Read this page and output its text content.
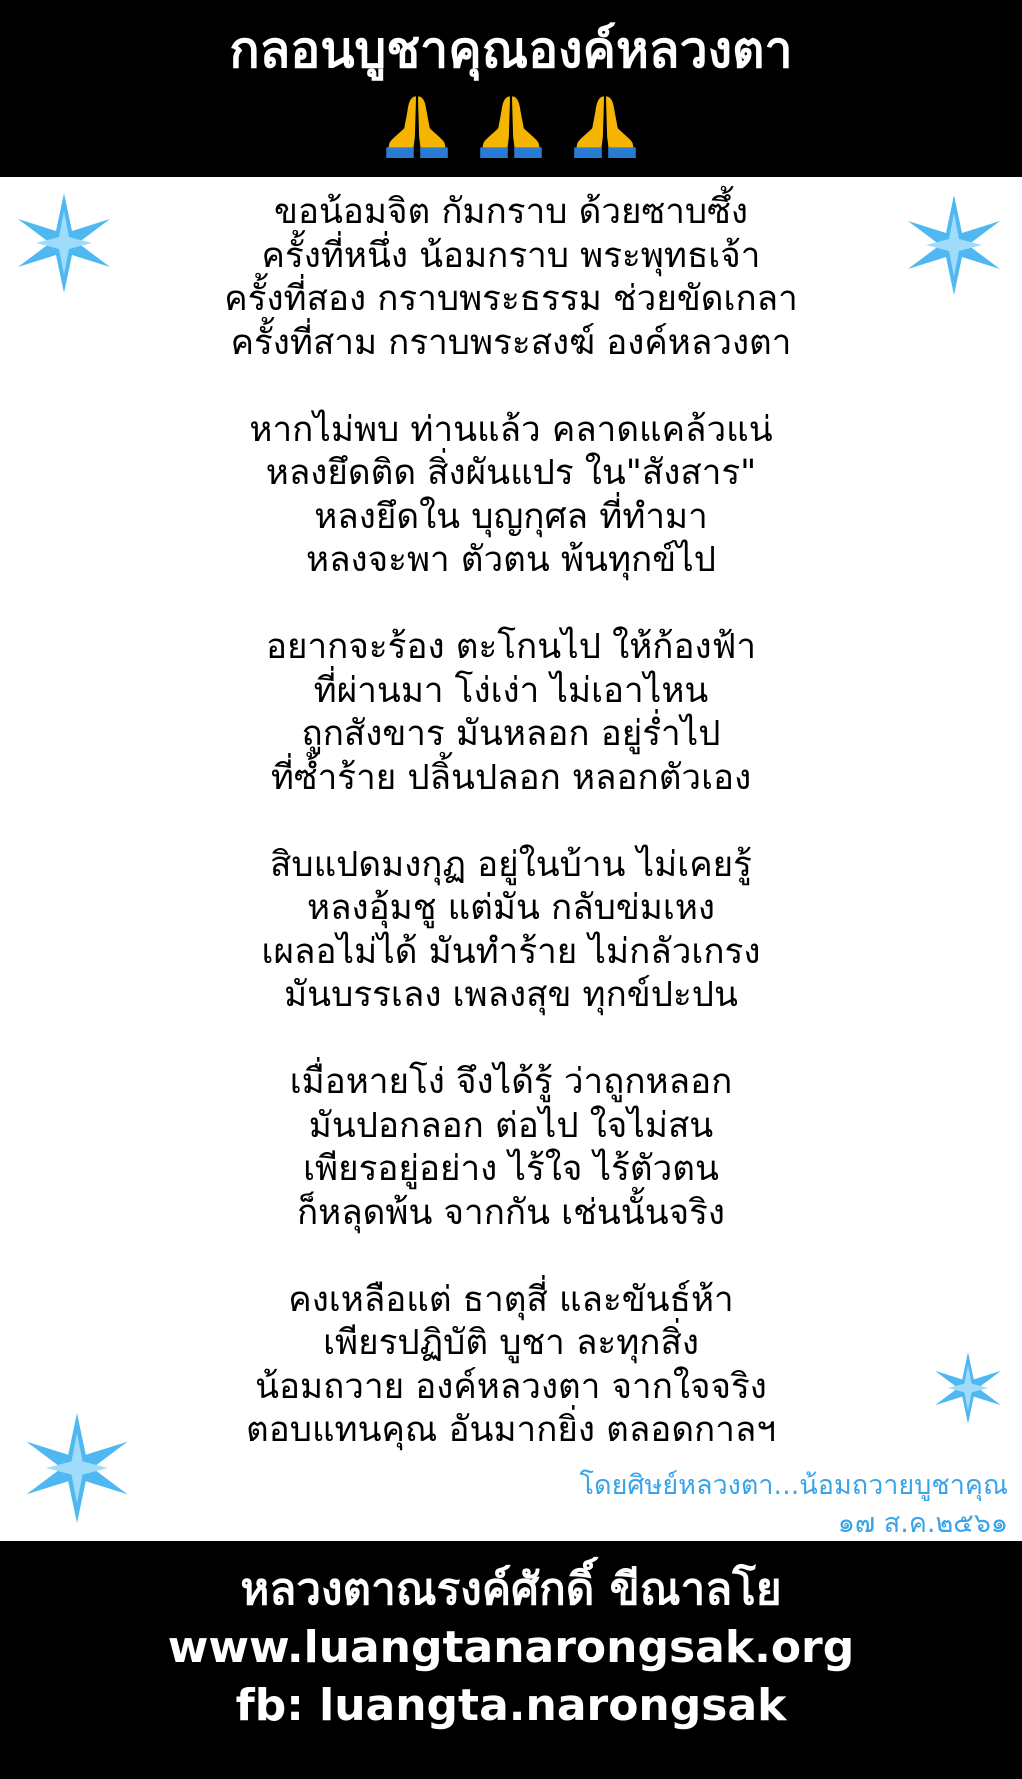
กลอนบูชาคุณองค์หลวงตา
ขอน้อมจิต กัมกราบ ด้วยซาบซึ้ง
ครั้งที่หนึ่ง น้อมกราบ พระพุทธเจ้า
ครั้งที่สอง กราบพระธรรม ช่วยขัดเกลา
ครั้งที่สาม กราบพระสงฆ์ องค์หลวงตา
หากไม่พบ ท่านแล้ว คลาดแคล้วแน่
หลงยึดติด สิ่งผันแปร ใน"สังสาร"
หลงยึดใน บุญกุศล ที่ทำมา
หลงจะพา ตัวตน พ้นทุกข์ไป
อยากจะร้อง ตะโกนไป ให้ก้องฟ้า
ที่ผ่านมา โง่เง่า ไม่เอาไหน
ถูกสังขาร มันหลอก อยู่ร่ำไป
ที่ซ้ำร้าย ปลิ้นปลอก หลอกตัวเอง
สิบแปดมงกุฏ อยู่ในบ้าน ไม่เคยรู้
หลงอุ้มชู แต่มัน กลับข่มเหง
เผลอไม่ได้ มันทำร้าย ไม่กลัวเกรง
มันบรรเลง เพลงสุข ทุกข์ปะปน
เมื่อหายโง่ จึงได้รู้ ว่าถูกหลอก
มันปอกลอก ต่อไป ใจไม่สน
เพียรอยู่อย่าง ไร้ใจ ไร้ตัวตน
ก็หลุดพ้น จากกัน เช่นนั้นจริง
คงเหลือแต่ ธาตุสี่ และขันธ์ห้า
เพียรปฏิบัติ บูชา ละทุกสิ่ง
น้อมถวาย องค์หลวงตา จากใจจริง
ตอบแทนคุณ อันมากยิ่ง ตลอดกาลฯ
โดยศิษย์หลวงตา...น้อมถวายบูชาคุณ
๑๗ ส.ค.๒๕๖๑
หลวงตาณรงค์ศักดิ์ ขีณาลโย
www.luangtanarongsak.org
fb: luangta.narongsak
